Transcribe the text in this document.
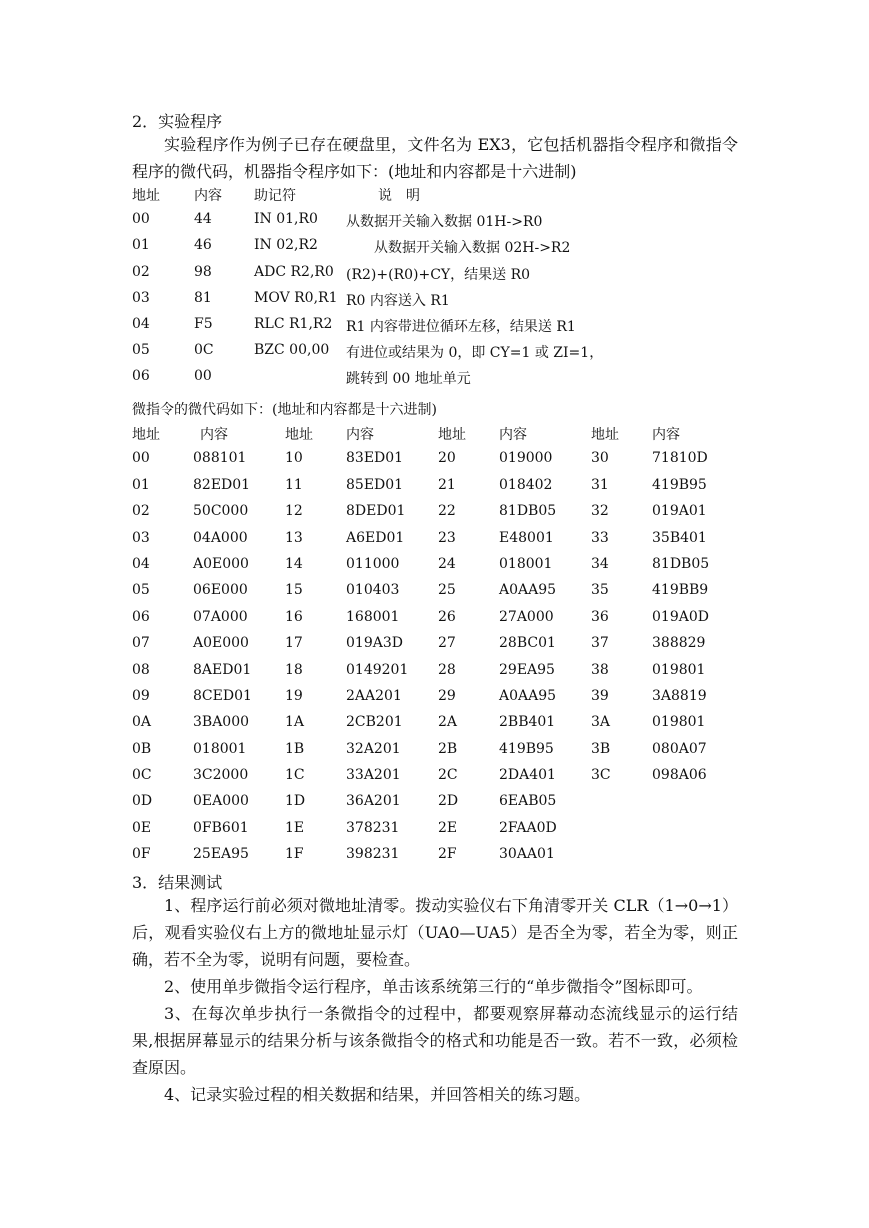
2．实验程序

实验程序作为例子已存在硬盘里，文件名为 EX3，它包括机器指令程序和微指令程序的微代码，机器指令程序如下：(地址和内容都是十六进制)

地址 内容 助记符	说　明
00	44	IN 01,R0 从数据开关输入数据 01H->R0
01	46	IN 02,R2 　　从数据开关输入数据 02H->R2
02	98	ADC R2,R0 (R2)+(R0)+CY，结果送 R0
03	81	MOV R0,R1 R0 内容送入 R1
04	F5	RLC R1,R2 R1 内容带进位循环左移，结果送 R1
05	0C	BZC 00,00 有进位或结果为 0，即 CY=1 或 ZI=1，
06	00	跳转到 00 地址单元
微指令的微代码如下：(地址和内容都是十六进制)
地址	内容	地址 内容	地址 内容	地址 内容
00	088101	10	83ED01 20	019000	30	71810D
01	82ED01 11	85ED01 21	018402	31	419B95
02	50C000	12	8DED01 22	81DB05 32	019A01
03	04A000	13	A6ED01 23	E48001	33	35B401
04	A0E000	14	011000	24	018001	34	81DB05
05	06E000	15	010403	25	A0AA95 35	419BB9
06	07A000	16	168001	26	27A000	36	019A0D
07	A0E000	17	019A3D	27	28BC01	37	388829
08	8AED01 18	0149201 28	29EA95	38	019801
09	8CED01 19	2AA201	29	A0AA95 39	3A8819
0A	3BA000	1A	2CB201	2A	2BB401	3A	019801
0B	018001	1B	32A201	2B	419B95	3B	080A07
0C	3C2000	1C	33A201	2C	2DA401	3C	098A06
0D	0EA000	1D	36A201	2D	6EAB05
0E	0FB601	1E	378231	2E	2FAA0D
0F	25EA95	1F	398231	2F	30AA01
3．结果测试

1、程序运行前必须对微地址清零。拨动实验仪右下角清零开关 CLR（1→0→1）后，观看实验仪右上方的微地址显示灯（UA0—UA5）是否全为零，若全为零，则正确，若不全为零，说明有问题，要检查。

2、使用单步微指令运行程序，单击该系统第三行的“单步微指令”图标即可。

3、在每次单步执行一条微指令的过程中，都要观察屏幕动态流线显示的运行结果,根据屏幕显示的结果分析与该条微指令的格式和功能是否一致。若不一致，必须检查原因。

4、记录实验过程的相关数据和结果，并回答相关的练习题。
